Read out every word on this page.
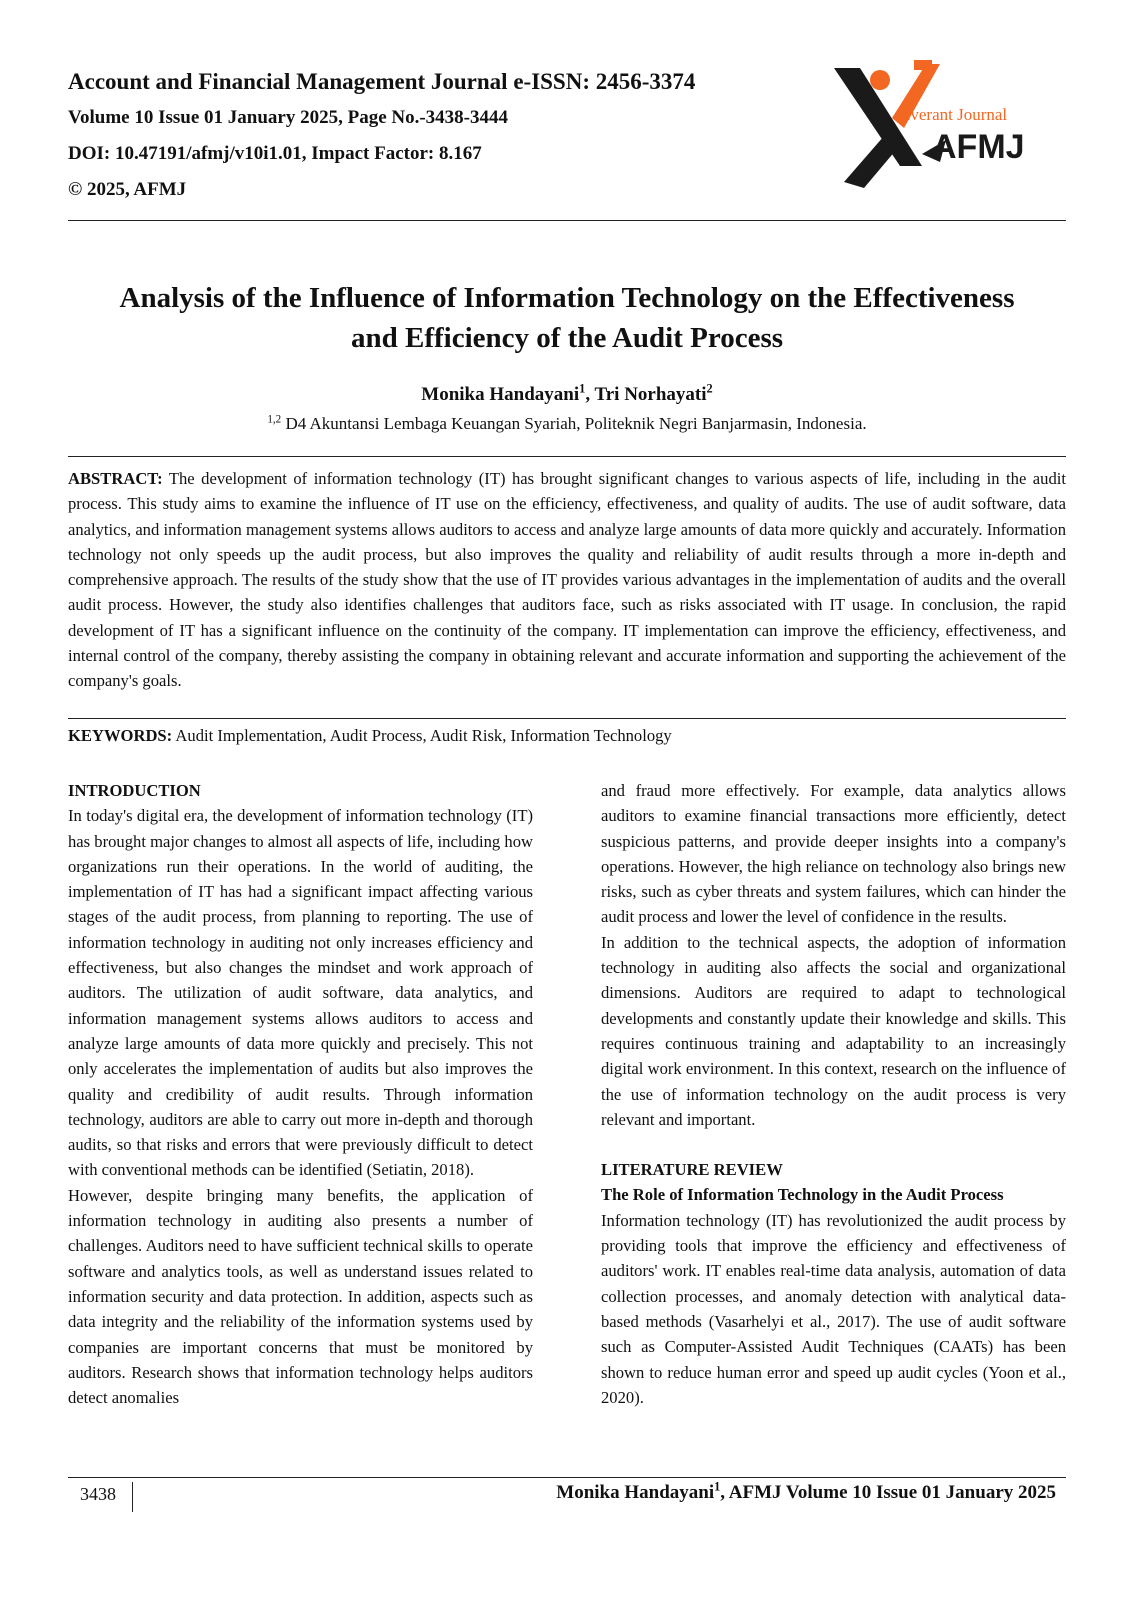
Account and Financial Management Journal e-ISSN: 2456-3374
Volume 10 Issue 01 January 2025, Page No.-3438-3444
DOI: 10.47191/afmj/v10i1.01, Impact Factor: 8.167
© 2025, AFMJ
Everant Journal
AFMJ
Analysis of the Influence of Information Technology on the Effectiveness
and Efficiency of the Audit Process
Monika Handayani$^1$, Tri Norhayati$^2$
$^{1,2}$ D4 Akuntansi Lembaga Keuangan Syariah, Politeknik Negri Banjarmasin, Indonesia.
ABSTRACT: The development of information technology (IT) has brought significant changes to various aspects of life, including in the audit process. This study aims to examine the influence of IT use on the efficiency, effectiveness, and quality of audits. The use of audit software, data analytics, and information management systems allows auditors to access and analyze large amounts of data more quickly and accurately. Information technology not only speeds up the audit process, but also improves the quality and reliability of audit results through a more in-depth and comprehensive approach. The results of the study show that the use of IT provides various advantages in the implementation of audits and the overall audit process. However, the study also identifies challenges that auditors face, such as risks associated with IT usage. In conclusion, the rapid development of IT has a significant influence on the continuity of the company. IT implementation can improve the efficiency, effectiveness, and internal control of the company, thereby assisting the company in obtaining relevant and accurate information and supporting the achievement of the company's goals.
KEYWORDS: Audit Implementation, Audit Process, Audit Risk, Information Technology

INTRODUCTION

In today's digital era, the development of information technology (IT) has brought major changes to almost all aspects of life, including how organizations run their operations. In the world of auditing, the implementation of IT has had a significant impact affecting various stages of the audit process, from planning to reporting. The use of information technology in auditing not only increases efficiency and effectiveness, but also changes the mindset and work approach of auditors. The utilization of audit software, data analytics, and information management systems allows auditors to access and analyze large amounts of data more quickly and precisely. This not only accelerates the implementation of audits but also improves the quality and credibility of audit results. Through information technology, auditors are able to carry out more in-depth and thorough audits, so that risks and errors that were previously difficult to detect with conventional methods can be identified (Setiatin, 2018).

However, despite bringing many benefits, the application of information technology in auditing also presents a number of challenges. Auditors need to have sufficient technical skills to operate software and analytics tools, as well as understand issues related to information security and data protection. In addition, aspects such as data integrity and the reliability of the information systems used by companies are important concerns that must be monitored by auditors. Research shows that information technology helps auditors detect anomalies

and fraud more effectively. For example, data analytics allows auditors to examine financial transactions more efficiently, detect suspicious patterns, and provide deeper insights into a company's operations. However, the high reliance on technology also brings new risks, such as cyber threats and system failures, which can hinder the audit process and lower the level of confidence in the results.

In addition to the technical aspects, the adoption of information technology in auditing also affects the social and organizational dimensions. Auditors are required to adapt to technological developments and constantly update their knowledge and skills. This requires continuous training and adaptability to an increasingly digital work environment. In this context, research on the influence of the use of information technology on the audit process is very relevant and important.

LITERATURE REVIEW

The Role of Information Technology in the Audit Process

Information technology (IT) has revolutionized the audit process by providing tools that improve the efficiency and effectiveness of auditors' work. IT enables real-time data analysis, automation of data collection processes, and anomaly detection with analytical data-based methods (Vasarhelyi et al., 2017). The use of audit software such as Computer-Assisted Audit Techniques (CAATs) has been shown to reduce human error and speed up audit cycles (Yoon et al., 2020).

3438	Monika Handayani$^1$, AFMJ Volume 10 Issue 01 January 2025
